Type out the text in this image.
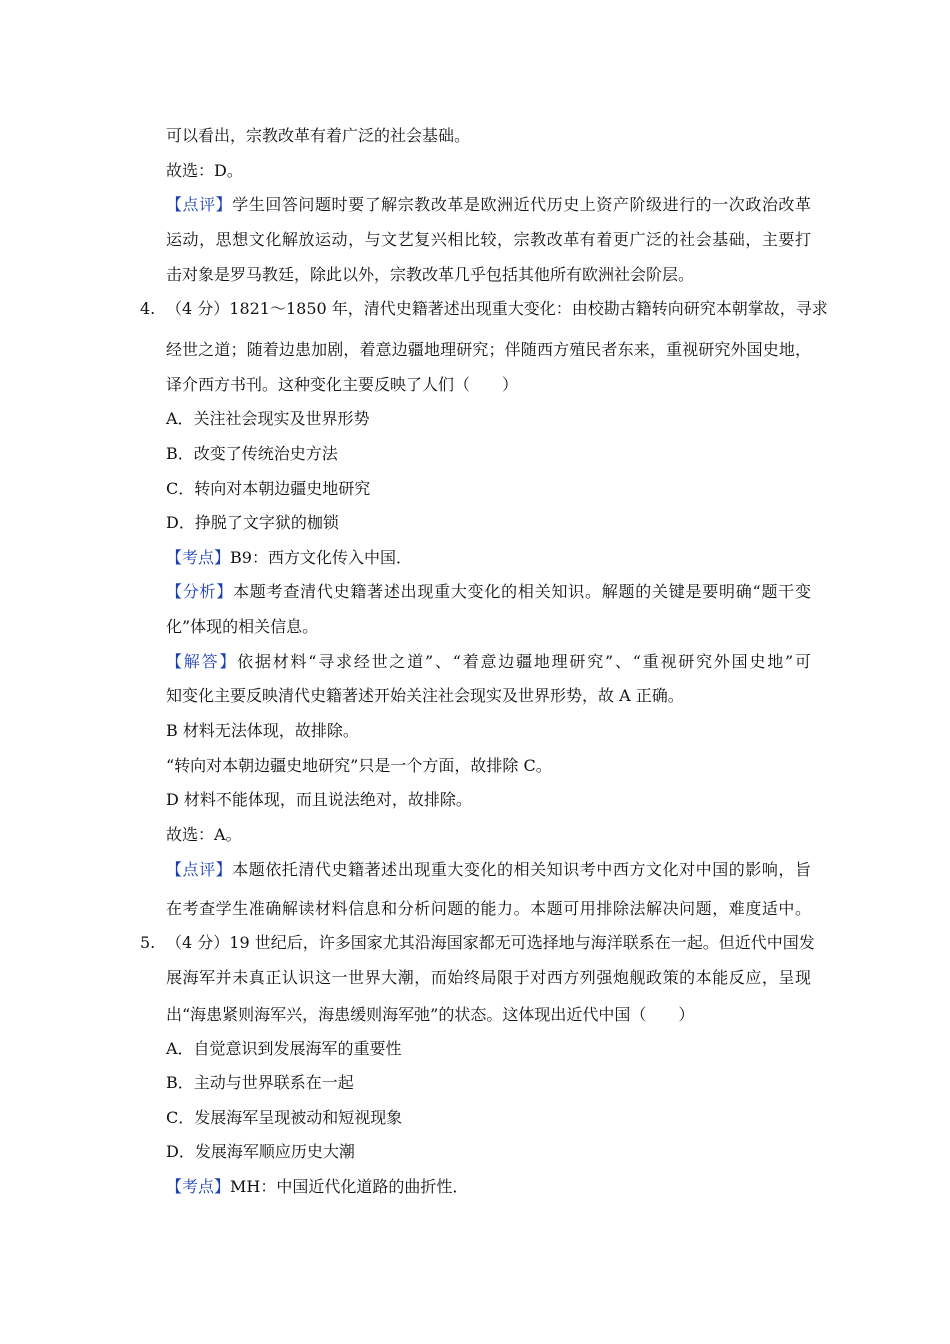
可以看出，宗教改革有着广泛的社会基础。
故选：D。
【点评】学生回答问题时要了解宗教改革是欧洲近代历史上资产阶级进行的一次政治改革
运动，思想文化解放运动，与文艺复兴相比较，宗教改革有着更广泛的社会基础，主要打
击对象是罗马教廷，除此以外，宗教改革几乎包括其他所有欧洲社会阶层。
4. （4 分）1821～1850 年，清代史籍著述出现重大变化：由校勘古籍转向研究本朝掌故，寻求
经世之道；随着边患加剧，着意边疆地理研究；伴随西方殖民者东来，重视研究外国史地，
译介西方书刊。这种变化主要反映了人们（　　）
A．关注社会现实及世界形势
B．改变了传统治史方法
C．转向对本朝边疆史地研究
D．挣脱了文字狱的枷锁
【考点】B9：西方文化传入中国．
【分析】本题考查清代史籍著述出现重大变化的相关知识。解题的关键是要明确“题干变
化”体现的相关信息。
【解答】依据材料“寻求经世之道”、“着意边疆地理研究”、“重视研究外国史地”可
知变化主要反映清代史籍著述开始关注社会现实及世界形势，故 A 正确。
B 材料无法体现，故排除。
“转向对本朝边疆史地研究”只是一个方面，故排除 C。
D 材料不能体现，而且说法绝对，故排除。
故选：A。
【点评】本题依托清代史籍著述出现重大变化的相关知识考中西方文化对中国的影响，旨
在考查学生准确解读材料信息和分析问题的能力。本题可用排除法解决问题，难度适中。
5. （4 分）19 世纪后，许多国家尤其沿海国家都无可选择地与海洋联系在一起。但近代中国发
展海军并未真正认识这一世界大潮，而始终局限于对西方列强炮舰政策的本能反应，呈现
出“海患紧则海军兴，海患缓则海军弛”的状态。这体现出近代中国（　　）
A．自觉意识到发展海军的重要性
B．主动与世界联系在一起
C．发展海军呈现被动和短视现象
D．发展海军顺应历史大潮
【考点】MH：中国近代化道路的曲折性．
